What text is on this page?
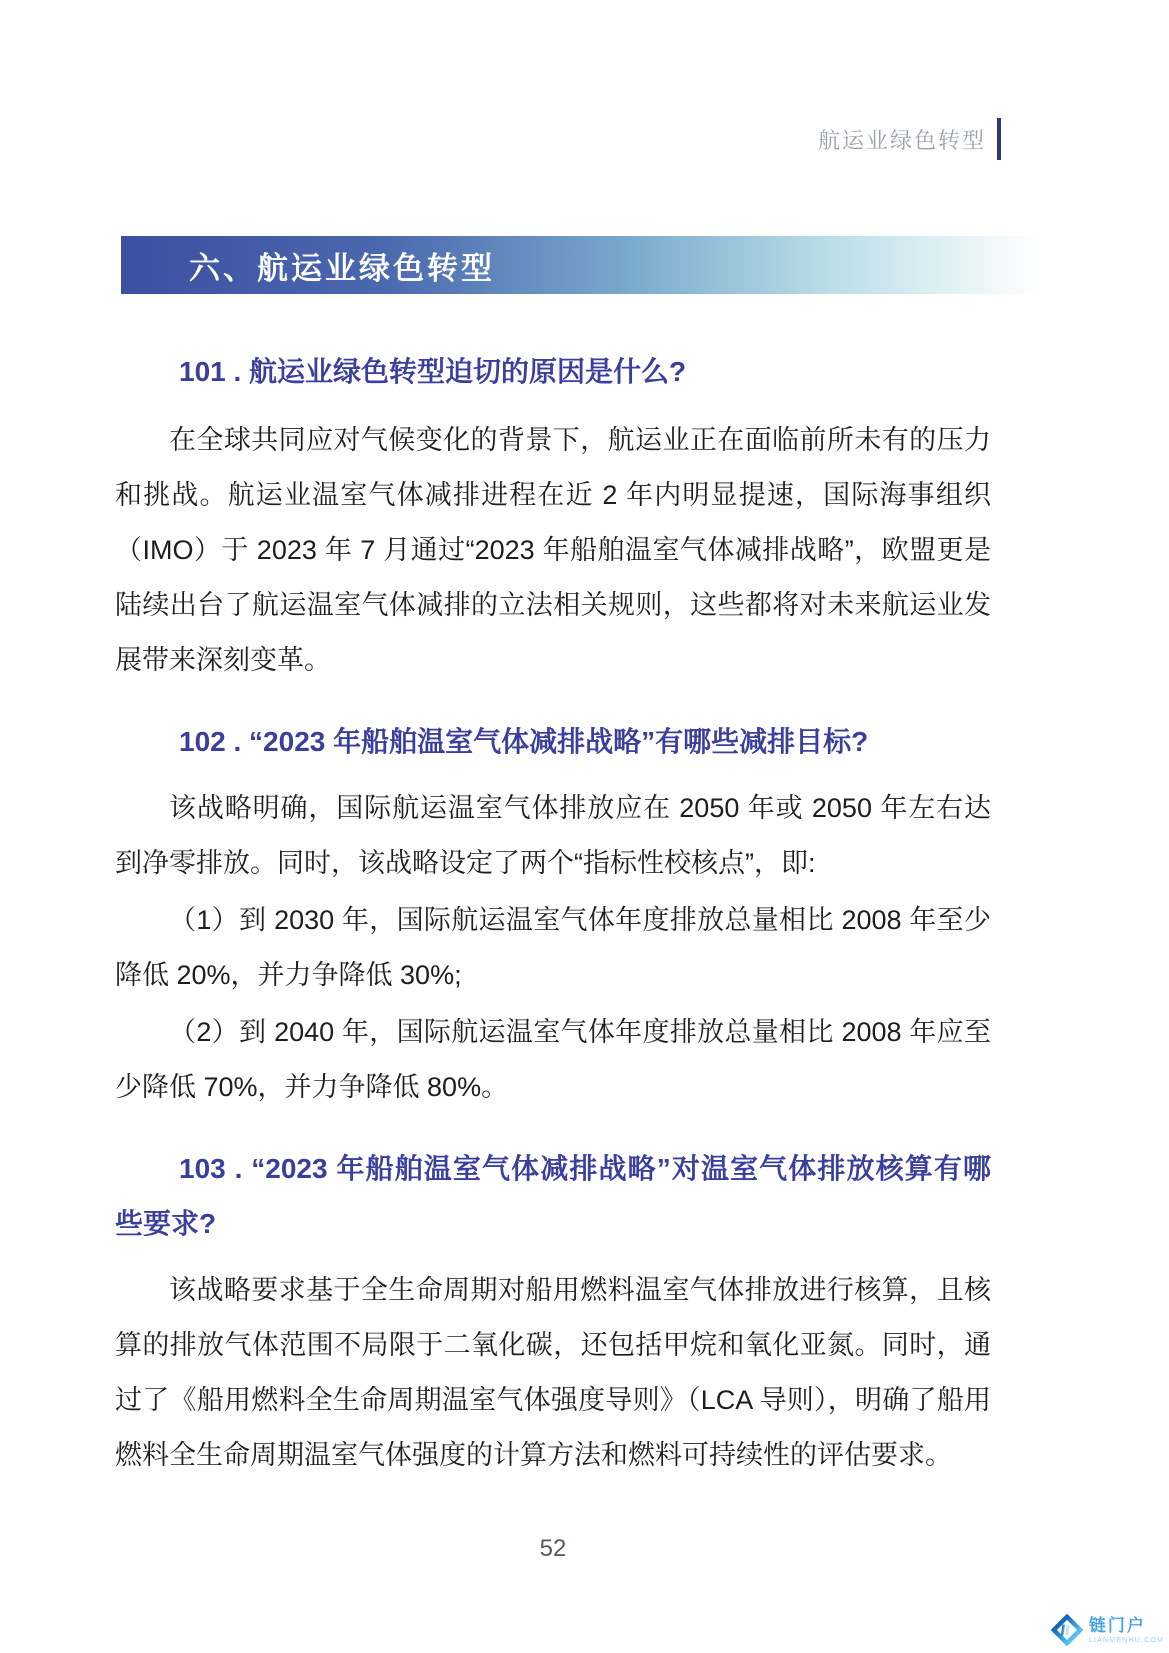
航运业绿色转型
六、航运业绿色转型
101 . 航运业绿色转型迫切的原因是什么?
在全球共同应对气候变化的背景下，航运业正在面临前所未有的压力和挑战。航运业温室气体减排进程在近 2 年内明显提速，国际海事组织（IMO）于 2023 年 7 月通过“2023 年船舶温室气体减排战略”，欧盟更是陆续出台了航运温室气体减排的立法相关规则，这些都将对未来航运业发展带来深刻变革。
102 . “2023 年船舶温室气体减排战略”有哪些减排目标?
该战略明确，国际航运温室气体排放应在 2050 年或 2050 年左右达到净零排放。同时，该战略设定了两个“指标性校核点”，即:
（1）到 2030 年，国际航运温室气体年度排放总量相比 2008 年至少降低 20%，并力争降低 30%;
（2）到 2040 年，国际航运温室气体年度排放总量相比 2008 年应至少降低 70%，并力争降低 80%。
103 . “2023 年船舶温室气体减排战略”对温室气体排放核算有哪些要求?
该战略要求基于全生命周期对船用燃料温室气体排放进行核算，且核算的排放气体范围不局限于二氧化碳，还包括甲烷和氧化亚氮。同时，通过了《船用燃料全生命周期温室气体强度导则》（LCA 导则），明确了船用燃料全生命周期温室气体强度的计算方法和燃料可持续性的评估要求。
52
链门户
LIANMENHU.COM
